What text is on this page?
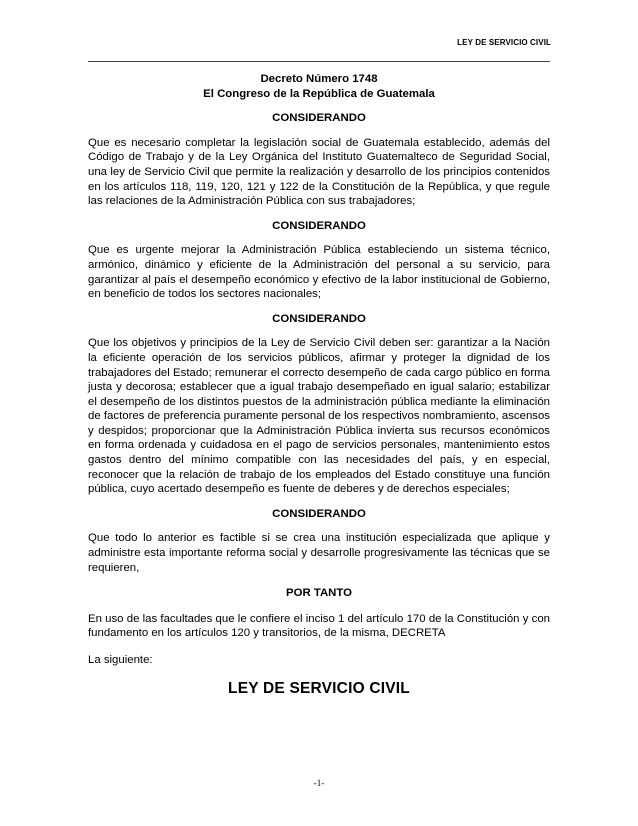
LEY DE SERVICIO CIVIL
Decreto Número 1748
El Congreso de la República de Guatemala
CONSIDERANDO

Que es necesario completar la legislación social de Guatemala establecido, además del Código de Trabajo y de la Ley Orgánica del Instituto Guatemalteco de Seguridad Social, una ley de Servicio Civil que permite la realización y desarrollo de los principios contenidos en los artículos 118, 119, 120, 121 y 122 de la Constitución de la República, y que regule las relaciones de la Administración Pública con sus trabajadores;

CONSIDERANDO

Que es urgente mejorar la Administración Pública estableciendo un sistema técnico, armónico, dinámico y eficiente de la Administración del personal a su servicio, para garantizar al país el desempeño económico y efectivo de la labor institucional de Gobierno, en beneficio de todos los sectores nacionales;

CONSIDERANDO

Que los objetivos y principios de la Ley de Servicio Civil deben ser: garantizar a la Nación la eficiente operación de los servicios públicos, afirmar y proteger la dignidad de los trabajadores del Estado; remunerar el correcto desempeño de cada cargo público en forma justa y decorosa; establecer que a igual trabajo desempeñado en igual salario; estabilizar el desempeño de los distintos puestos de la administración pública mediante la eliminación de factores de preferencia puramente personal de los respectivos nombramiento, ascensos y despidos; proporcionar que la Administración Pública invierta sus recursos económicos en forma ordenada y cuidadosa en el pago de servicios personales, mantenimiento estos gastos dentro del mínimo compatible con las necesidades del país, y en especial, reconocer que la relación de trabajo de los empleados del Estado constituye una función pública, cuyo acertado desempeño es fuente de deberes y de derechos especiales;

CONSIDERANDO

Que todo lo anterior es factible si se crea una institución especializada que aplique y administre esta importante reforma social y desarrolle progresivamente las técnicas que se requieren,

POR TANTO

En uso de las facultades que le confiere el inciso 1 del artículo 170 de la Constitución y con fundamento en los artículos 120 y transitorios, de la misma, DECRETA

La siguiente:

LEY DE SERVICIO CIVIL
-1-
